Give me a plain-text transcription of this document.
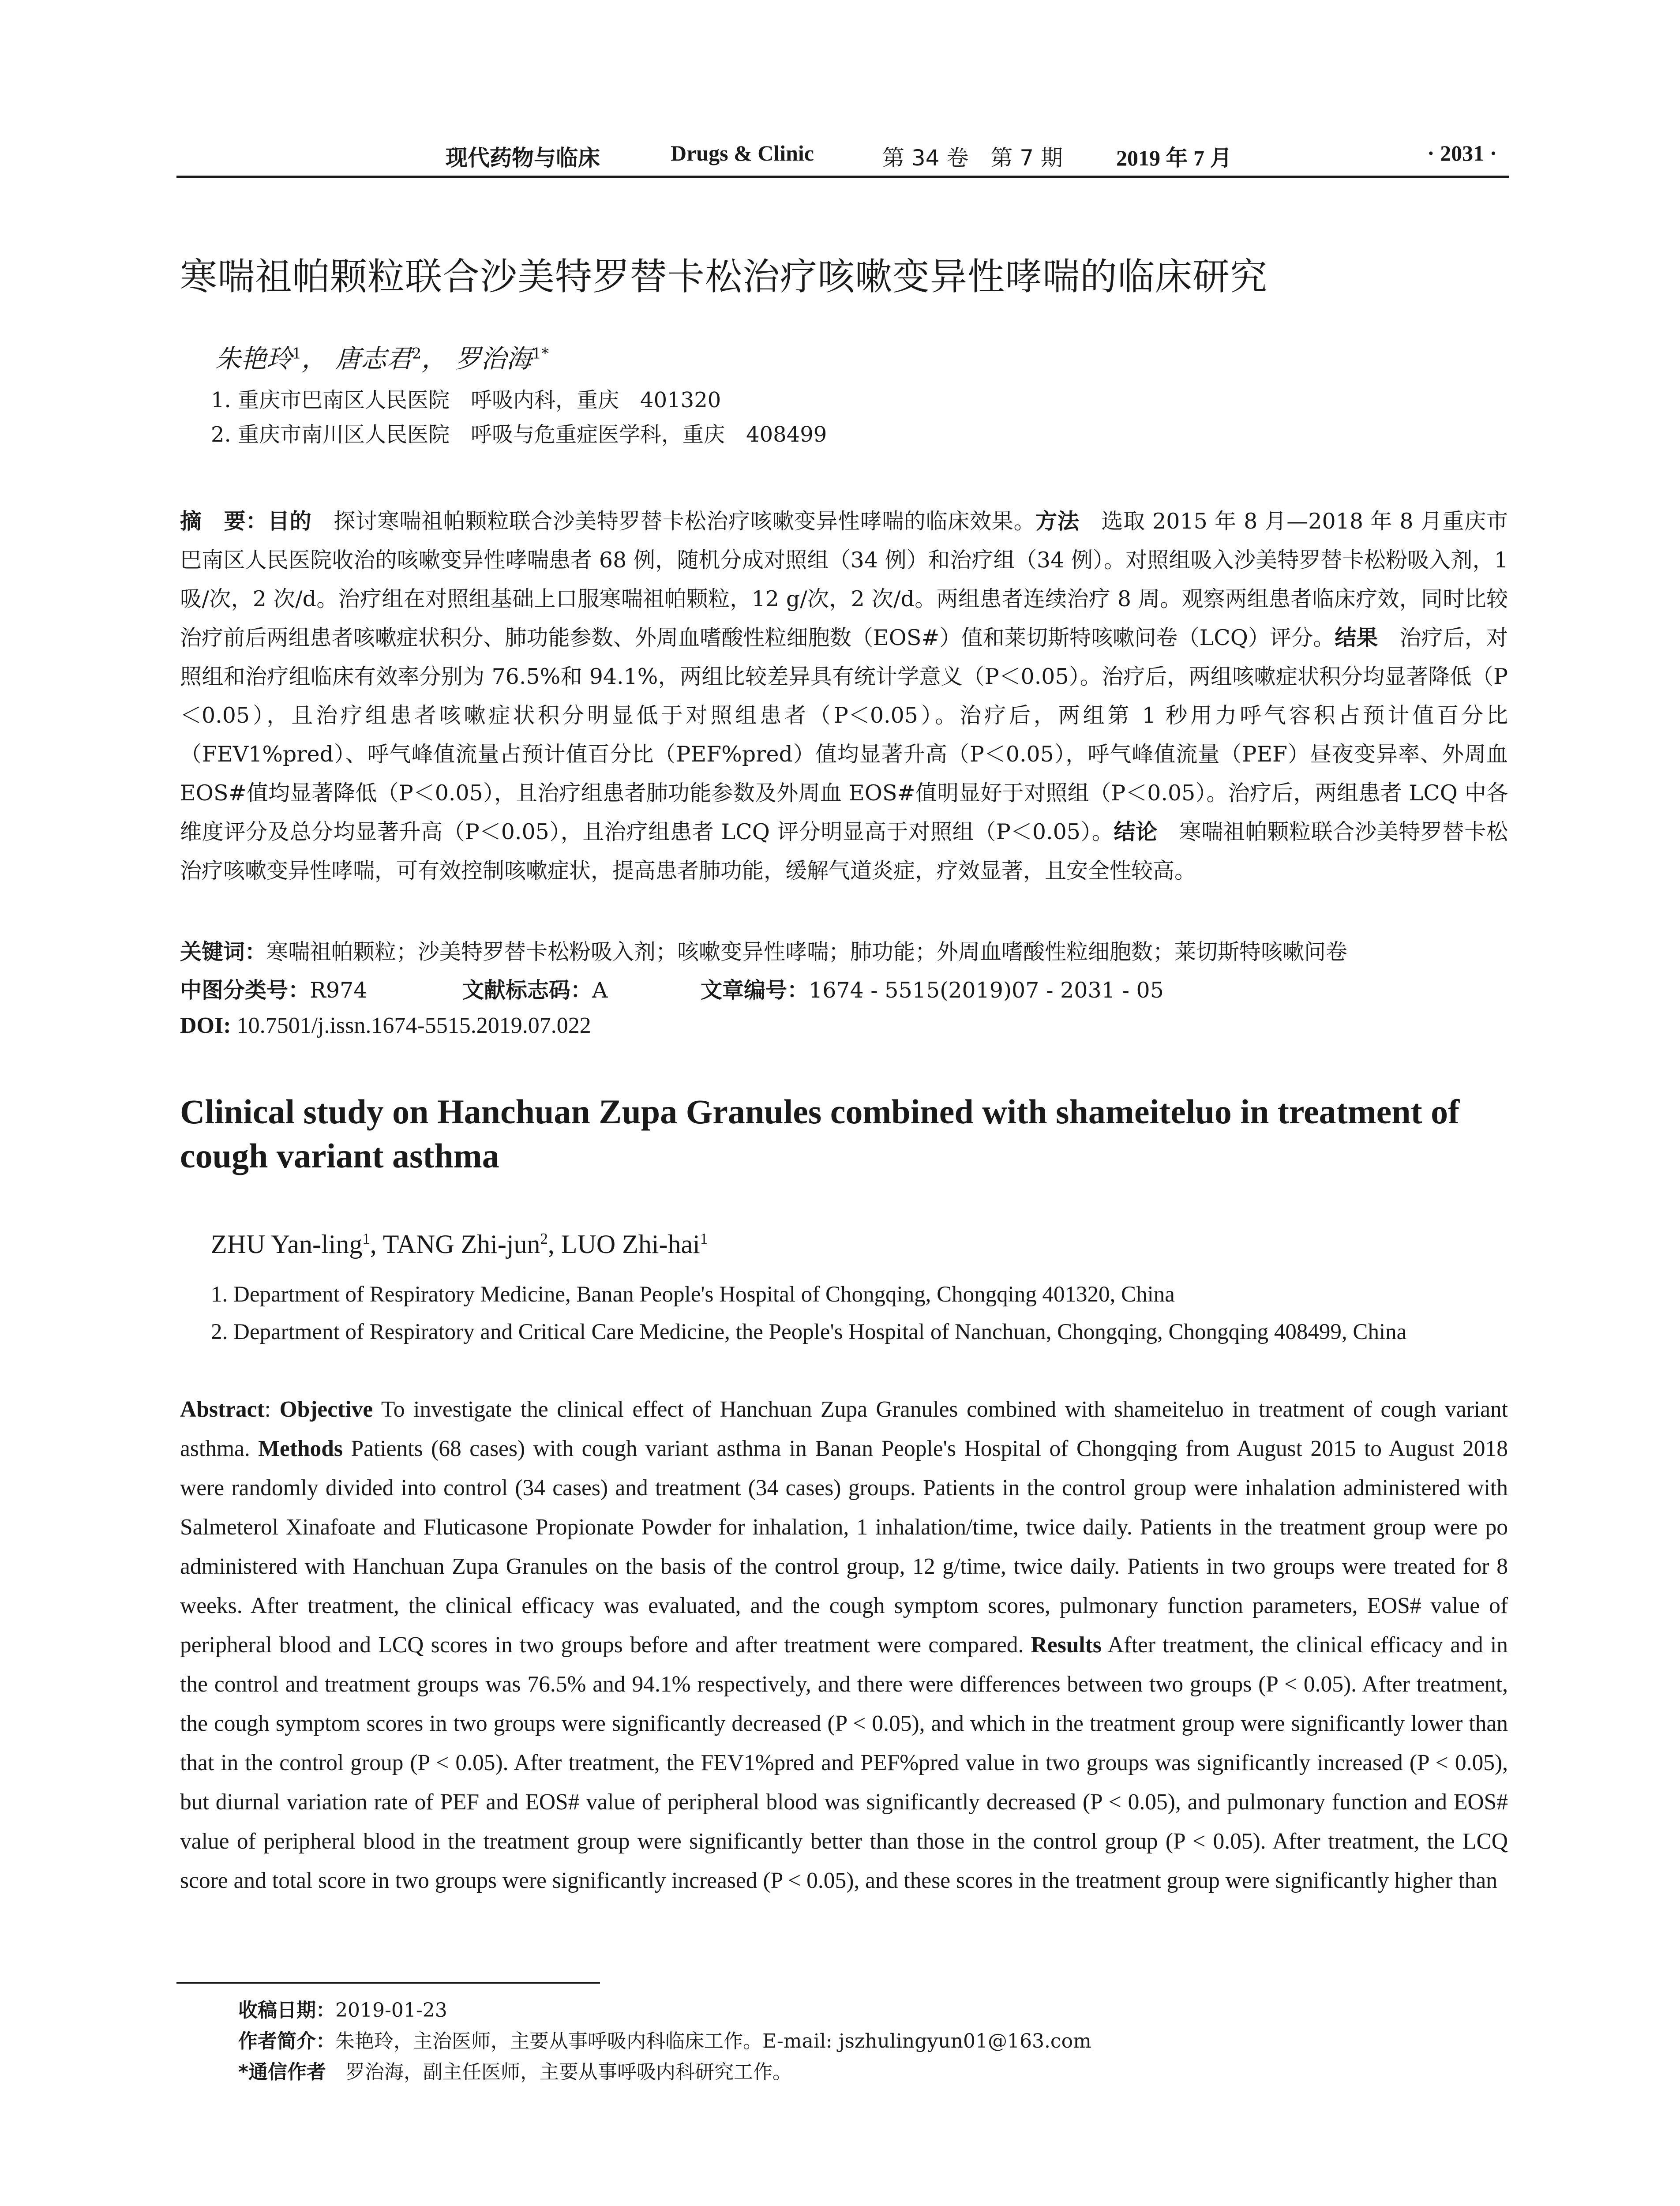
现代药物与临床	Drugs & Clinic	第 34 卷　第 7 期 2019 年 7 月	· 2031 ·
寒喘祖帕颗粒联合沙美特罗替卡松治疗咳嗽变异性哮喘的临床研究
朱艳玲$^1$， 唐志君$^2$， 罗治海$^{1*}$
1. 重庆市巴南区人民医院　呼吸内科，重庆　401320
2. 重庆市南川区人民医院　呼吸与危重症医学科，重庆　408499
摘　要：目的　探讨寒喘祖帕颗粒联合沙美特罗替卡松治疗咳嗽变异性哮喘的临床效果。方法　选取 2015 年 8 月—2018 年 8 月重庆市巴南区人民医院收治的咳嗽变异性哮喘患者 68 例，随机分成对照组（34 例）和治疗组（34 例）。对照组吸入沙美特罗替卡松粉吸入剂，1 吸/次，2 次/d。治疗组在对照组基础上口服寒喘祖帕颗粒，12 g/次，2 次/d。两组患者连续治疗 8 周。观察两组患者临床疗效，同时比较治疗前后两组患者咳嗽症状积分、肺功能参数、外周血嗜酸性粒细胞数（EOS#）值和莱切斯特咳嗽问卷（LCQ）评分。结果　治疗后，对照组和治疗组临床有效率分别为 76.5%和 94.1%，两组比较差异具有统计学意义（P＜0.05）。治疗后，两组咳嗽症状积分均显著降低（P＜0.05），且治疗组患者咳嗽症状积分明显低于对照组患者（P＜0.05）。治疗后，两组第 1 秒用力呼气容积占预计值百分比（FEV1%pred）、呼气峰值流量占预计值百分比（PEF%pred）值均显著升高（P＜0.05），呼气峰值流量（PEF）昼夜变异率、外周血 EOS#值均显著降低（P＜0.05），且治疗组患者肺功能参数及外周血 EOS#值明显好于对照组（P＜0.05）。治疗后，两组患者 LCQ 中各维度评分及总分均显著升高（P＜0.05），且治疗组患者 LCQ 评分明显高于对照组（P＜0.05）。结论　寒喘祖帕颗粒联合沙美特罗替卡松治疗咳嗽变异性哮喘，可有效控制咳嗽症状，提高患者肺功能，缓解气道炎症，疗效显著，且安全性较高。
关键词：寒喘祖帕颗粒；沙美特罗替卡松粉吸入剂；咳嗽变异性哮喘；肺功能；外周血嗜酸性粒细胞数；莱切斯特咳嗽问卷
中图分类号： R974	文献标志码： A	文章编号： 1674 - 5515(2019)07 - 2031 - 05
DOI: 10.7501/j.issn.1674-5515.2019.07.022
Clinical study on Hanchuan Zupa Granules combined with shameiteluo in treatment of cough variant asthma
ZHU Yan-ling$^1$, TANG Zhi-jun$^2$, LUO Zhi-hai$^1$
1. Department of Respiratory Medicine, Banan People's Hospital of Chongqing, Chongqing 401320, China
2. Department of Respiratory and Critical Care Medicine, the People's Hospital of Nanchuan, Chongqing, Chongqing 408499, China
Abstract: Objective To investigate the clinical effect of Hanchuan Zupa Granules combined with shameiteluo in treatment of cough variant asthma. Methods Patients (68 cases) with cough variant asthma in Banan People's Hospital of Chongqing from August 2015 to August 2018 were randomly divided into control (34 cases) and treatment (34 cases) groups. Patients in the control group were inhalation administered with Salmeterol Xinafoate and Fluticasone Propionate Powder for inhalation, 1 inhalation/time, twice daily. Patients in the treatment group were po administered with Hanchuan Zupa Granules on the basis of the control group, 12 g/time, twice daily. Patients in two groups were treated for 8 weeks. After treatment, the clinical efficacy was evaluated, and the cough symptom scores, pulmonary function parameters, EOS# value of peripheral blood and LCQ scores in two groups before and after treatment were compared. Results After treatment, the clinical efficacy and in the control and treatment groups was 76.5% and 94.1% respectively, and there were differences between two groups (P < 0.05). After treatment, the cough symptom scores in two groups were significantly decreased (P < 0.05), and which in the treatment group were significantly lower than that in the control group (P < 0.05). After treatment, the FEV1%pred and PEF%pred value in two groups was significantly increased (P < 0.05), but diurnal variation rate of PEF and EOS# value of peripheral blood was significantly decreased (P < 0.05), and pulmonary function and EOS# value of peripheral blood in the treatment group were significantly better than those in the control group (P < 0.05). After treatment, the LCQ score and total score in two groups were significantly increased (P < 0.05), and these scores in the treatment group were significantly higher than
收稿日期：2019-01-23
作者简介：朱艳玲，主治医师，主要从事呼吸内科临床工作。E-mail: jszhulingyun01@163.com
*通信作者　罗治海，副主任医师，主要从事呼吸内科研究工作。
